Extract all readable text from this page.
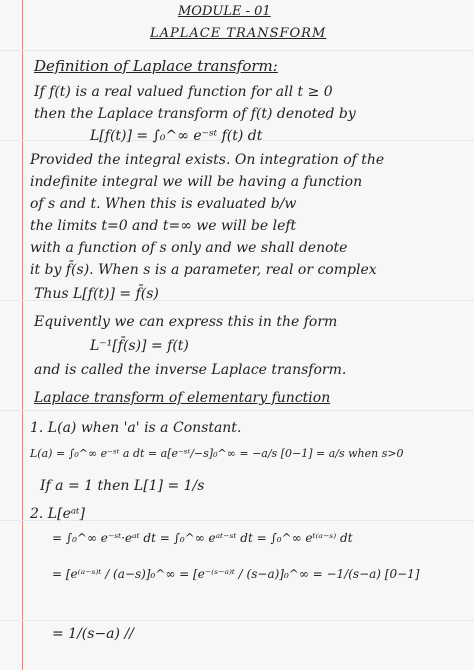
MODULE - 01
LAPLACE TRANSFORM
Definition of Laplace transform:
If f(t) is a real valued function for all t ≥ 0
then the Laplace transform of f(t) denoted by
L[f(t)] = ∫₀^∞ e⁻ˢᵗ f(t) dt
Provided the integral exists. On integration of the
indefinite integral we will be having a function
of s and t. When this is evaluated b/w
the limits t=0 and t=∞ we will be left
with a function of s only and we shall denote
it by f̄(s). When s is a parameter, real or complex
Thus L[f(t)] = f̄(s)
Equivently we can express this in the form
L⁻¹[f̄(s)] = f(t)
and is called the inverse Laplace transform.
Laplace transform of elementary function
1. L(a) when 'a' is a Constant.
L(a) = ∫₀^∞ e⁻ˢᵗ a dt = a[e⁻ˢᵗ/−s]₀^∞ = −a/s [0−1] = a/s when s>0
If a = 1 then L[1] = 1/s
2. L[eᵃᵗ]
= ∫₀^∞ e⁻ˢᵗ·eᵃᵗ dt = ∫₀^∞ eᵃᵗ⁻ˢᵗ dt = ∫₀^∞ eᵗ⁽ᵃ⁻ˢ⁾ dt
= [e⁽ᵃ⁻ˢ⁾ᵗ / (a−s)]₀^∞ = [e⁻⁽ˢ⁻ᵃ⁾ᵗ / (s−a)]₀^∞ = −1/(s−a) [0−1]
= 1/(s−a) //
